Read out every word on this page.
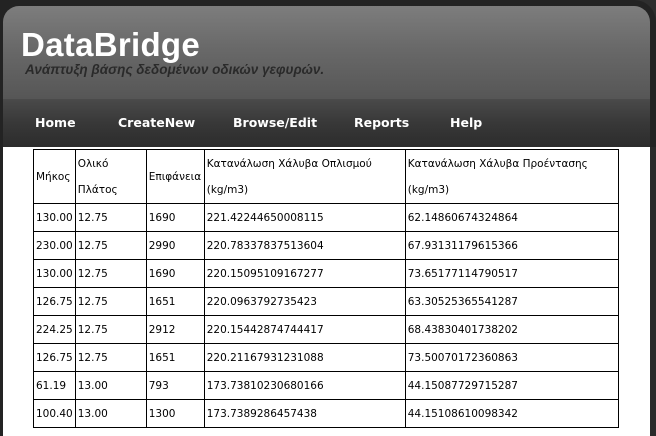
DataBridge
Ανάπτυξη βάσης δεδομένων οδικών γεφυρών.
Home	CreateNew	Browse/Edit	Reports	Help
Μήκος	Ολικό Πλάτος	Επιφάνεια	Κατανάλωση Χάλυβα Οπλισμού (kg/m3)	Κατανάλωση Χάλυβα Προέντασης (kg/m3)
130.00	12.75	1690	221.42244650008115	62.14860674324864
230.00	12.75	2990	220.78337837513604	67.93131179615366
130.00	12.75	1690	220.15095109167277	73.65177114790517
126.75	12.75	1651	220.0963792735423	63.30525365541287
224.25	12.75	2912	220.15442874744417	68.43830401738202
126.75	12.75	1651	220.21167931231088	73.50070172360863
61.19	13.00	793	173.73810230680166	44.15087729715287
100.40	13.00	1300	173.7389286457438	44.15108610098342
